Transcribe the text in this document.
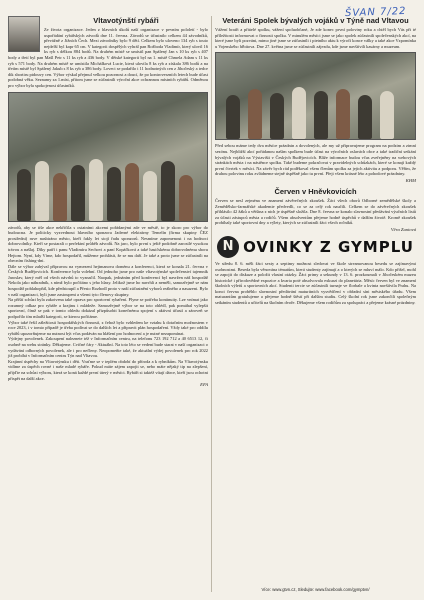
ŠVAN 7/22
Vltavotýnští rybáři

Ze života organizace. Jeden z hlavních úkolů naší organizace v pevním pololetí - bylo uspořádání rybářských závodů dne 11. června. Závodů se účastnilo celkem 44 závodníků, převážně z Jižních Čech. Mezi závodníky bylo 9 dětí. Celkem bylo ulovenо 134 ryb s touto nejdelší byl kapr 65 cm. V kategorii dospělých vyhrál pan Rožboda Vladimír, který ulovil 16 ks ryb s délkou 884 bodů. Na druhém místě se umístil pan Spálený Jan s 10 ks ryb s 407 body a třetí byl pan Mašl Petr s 11 ks ryb a 436 body. V dětské kategorii byl na 1. místě Chmela Adam s 11 ks ryb s 571 body. Na druhém místě se umístila Michálková Lucie, která ulovila 8 ks ryb a získala 386 bodů a na třetím místě byl Spálený Jakub s 8 ks ryb a 386 body. Loveci se podařilo i 11 hodnotných cen z Jihočeský a tedce dik sbortiru ptdouvy cen. Výbor výskal přejmul velkou pozornost a doucí, že po kontroverzních letech bude účast podobná věku. Seznamy za 1.míst, přitom jsme se zúčastnili výroční akce ochrannou místních rybářů. Odměnou pro výbor byla spokojenost účastníků.

závodů, aby se tiše akce nekřičila s ostatními akcemi pořádanými zde ve městě, to je skoro pro výbor do budoucna. Je politicky vyzvednout hlavního sponzora Jaderné elektrárny Temelín (firma skupiny ČEZ prostředni) ruve nasbiráno město, kteří fakly let stojí řadu sponzorů. Nesmíme zapomenout i na hodnoci dobrovolníky. Kteří se postarali o perfektní průběh závodů. Na jaro, bylo první s ještě podobně zarostlé vysokou trávou a našlaj. Díky patří i panu Vladimíru Sechovi a paní Kopáčková a také hasičskému dobrovolnému sboru Hejtom. Nyní, kdy Víme, kdo hospodařil, můžeme prohlásit, že se mu daří. Je také a proto jsme se zúčastnili na obecním fishing-dni.

Dále se výbor zabýval přípravou na vymezení hejtmanova doménu a konferenci, která se konala 21. června v Českých Budějovicích. Konference byla volební. Od jednoho jsme pro naše vltavotýnské společenství tajemník Jaroslav, který měl od všech návrhů to vyznačil. Naopak, jednáním před konferencí byl navržen náš hospodář Nekola jako náhradník, s nímž bylo počítáno s jeho hlasy. Jelikož jsme ho navrhli a neměli, samozřejmě se nám hospodář poblahopřál, kde předstoupil a Přesto Rozhodl proto v naší zúčastnění vyborů reálného a nasazeni. Bylo v naší organizaci, byli jsme zastoupeni a všemi tyto členovy skupiny.

Na příští schůzi byla zakotvena také oprava pro sportovní rybaření. Plyne se potřeba kontinuity. Lze vnímat jako rozumný odkaz pro rybáře a krajinu i mládeže. Samozřejmě výbor se na toto ohlédl, pak pomáhal vylepšit sportovní, čímž se pak v tomto ohledu dokázal přizpůsobit konečnému spojení s aktivní účastí a zároveň se podpořilo tím mladší kategorii, se kterou počítáme.

Výbor také řešil záležitosti hospodářských činností, z čehož bylo vzhledem ke vztahu k dotačním možnostem v roce 2023, i v tomto případě je třeba podívat se do dalších let a připravit plán hospodaření. Vždy také pro oddílu rybářů upozorňujeme na nutnost být včas podáván na hlášení pro hodnocení a je nutné nezapomínat.

Výdejny povolenek. Zakoupení naleznete též v Informačním centru, na telefonu 723 192 712 a 40 6513 12, či osobně na webu stránky. Děkujeme. Cvičné čáry - Aktuální. Na toto léto se vedení bude starat v naší organizaci o vydávání odborných povolenek, ale i pro nečleny. Neopomeňte také, že aktuální výdej povolenek pro rok 2022 již probíhá v Informačním centru Týn nad Vltavou.

Krajinní úspěchy na Vltavotýnsku i děti. Vraťme se v teplém období do příroda a k rybníkům. Na Vltavotýnsku vidíme za úspěch rovné i naše mladé rybáře. Pokud máte zájem zapojit se, nebo máte nějaký tip na zlepšení, přijďte na schůzi výboru, která se koná každé první úterý v měsíci. Rybáři si taktéž vítají dárce, kteří jsou ochotni přispět na další akce.

EFA

Veteráni Spolek bývalých vojáků v Týně nad Vltavou

Vážení bratři a přátelé spolku, vážení spoluobčané, Je zde konec první poloviny roku a chtěl bych Vás při té příležitosti informovat o činnosti spolku. V minulém měsíci jsme se jako spolek zúčastnili společenských akcí, na které jsme byli pozváni, mimo jiné jsme se zúčastnili i pietního aktu k výročí konce války a také akce Vzpomínka u Vojenského hřbitova. Dne 27. května jsme se zúčastnili zájezdu, kde jsme navštívili kasárny a muzeum.

Před sebou máme tedy dva měsíce prázdnin a dovolených, ale my už připravujeme program na podzim a zimní sezónu. Nejbližší akcí pořádanou naším spolkem bude účast na výročních oslavách obce a také tradiční setkání bývalých vojáků na Výstavišti v Českých Budějovicích. Blíže informace budou včas zveřejněny na webových stránkách města i na nástěnce spolku. Také budeme pokračovat v pravidelných schůzkách, které se konají každý první čtvrtek v měsíci. Na závěr bych rád poděkoval všem členům spolku za jejich aktivitu a podporu. Věřím, že druhou polovinu roku zvládneme stejně úspěšně jako tu první. Přeji všem krásné léto a pohodové prázdniny.

KHM

Červen v Hněvkovicích

Červen se nesl zejména ve znamení závěrečných zkoušek. Žáci všech oborů Odborné zemědělské školy a Zemědělsko-farmářské akademie předvedli, co se za celý rok naučili. Celkem se do závěrečných zkoušek přihlásilo 42 žáků a většina z nich je úspěšně složila. Dne 8. června se konalo slavnostní předávání výučních listů za účasti zástupců města a rodičů. Všem absolventům přejeme hodně úspěchů v dalším životě. Kromě zkoušek probíhaly také sportovní dny a výlety, kterých se zúčastnili žáci všech ročníků.

Věra Zuntová

N OVINKY Z GYMPLU

Ve středu 8. 6. měli žáci sexty a septimy možnost sledovat ve škole streamovanou besedu se zajímavými osobnostmi. Beseda byla věnována tématům, která studenty zajímají a o kterých se mluví málo. Kdo přišel, mohl se zapojit do diskuze a položit vlastní otázky. Žáci primy a sekundy v 13. 6. prozkoumali v Jihočeském muzeu historické i přírodovědné expozice a kvarta poté absolvovala exkurzi do planetária. Měsíc červen byl ve znamení školních výletů a sportovních akcí. Studenti tercie se zúčastnili turnaje ve florbale a kvinta navštívila Prahu. Na konci června proběhlo slavnostní předávání maturitních vysvědčení v obřadní síni městského úřadu. Všem maturantům gratulujeme a přejeme hodně štěstí při dalším studiu. Celý školní rok jsme zakončili společným setkáním studentů a učitelů na školním dvoře. Děkujeme všem rodičům za spolupráci a přejeme krásné prázdniny.

Více: www.gtvn.cz, Sledujte: www.facebook.com/gymptvn/
